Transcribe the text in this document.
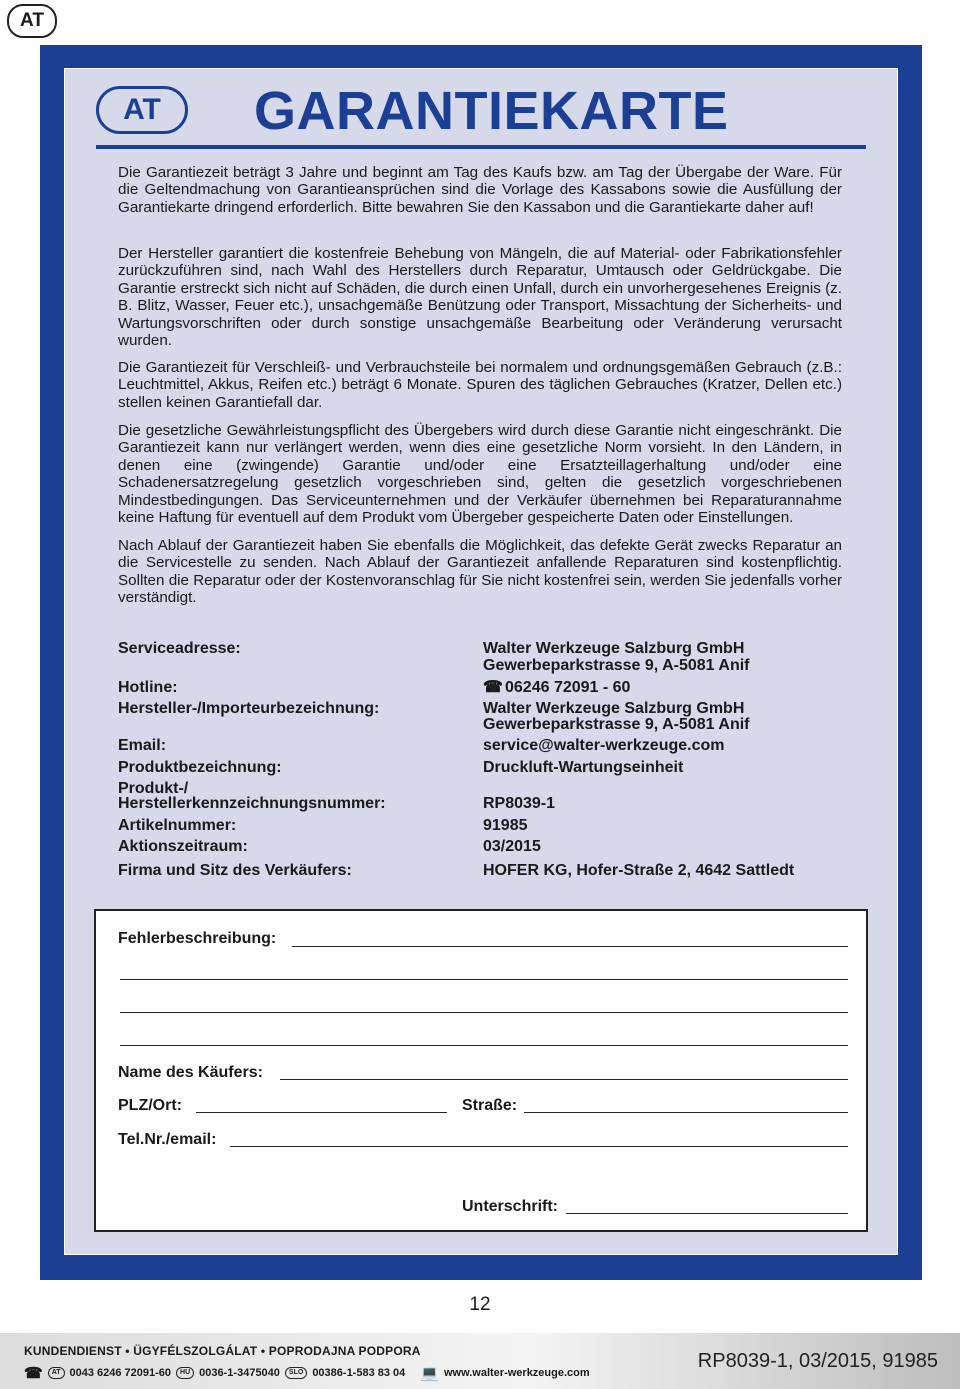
AT
AT	GARANTIEKARTE
Die Garantiezeit beträgt 3 Jahre und beginnt am Tag des Kaufs bzw. am Tag der Übergabe der Ware. Für die Geltendmachung von Garantieansprüchen sind die Vorlage des Kassabons sowie die Ausfüllung der Garantiekarte dringend erforderlich. Bitte bewahren Sie den Kassabon und die Garantiekarte daher auf!
Der Hersteller garantiert die kostenfreie Behebung von Mängeln, die auf Material- oder Fabrikationsfehler zurückzuführen sind, nach Wahl des Herstellers durch Reparatur, Umtausch oder Geldrückgabe. Die Garantie erstreckt sich nicht auf Schäden, die durch einen Unfall, durch ein unvorhergesehenes Ereignis (z. B. Blitz, Wasser, Feuer etc.), unsachgemäße Benützung oder Transport, Missachtung der Sicherheits- und Wartungsvorschriften oder durch sonstige unsachgemäße Bearbeitung oder Veränderung verursacht wurden.
Die Garantiezeit für Verschleiß- und Verbrauchsteile bei normalem und ordnungsgemäßen Gebrauch (z.B.: Leuchtmittel, Akkus, Reifen etc.) beträgt 6 Monate. Spuren des täglichen Gebrauches (Kratzer, Dellen etc.) stellen keinen Garantiefall dar.
Die gesetzliche Gewährleistungspflicht des Übergebers wird durch diese Garantie nicht eingeschränkt. Die Garantiezeit kann nur verlängert werden, wenn dies eine gesetzliche Norm vorsieht. In den Ländern, in denen eine (zwingende) Garantie und/oder eine Ersatzteillagerhaltung und/oder eine Schadenersatzregelung gesetzlich vorgeschrieben sind, gelten die gesetzlich vorgeschriebenen Mindestbedingungen. Das Serviceunternehmen und der Verkäufer übernehmen bei Reparaturannahme keine Haftung für eventuell auf dem Produkt vom Übergeber gespeicherte Daten oder Einstellungen.
Nach Ablauf der Garantiezeit haben Sie ebenfalls die Möglichkeit, das defekte Gerät zwecks Reparatur an die Servicestelle zu senden. Nach Ablauf der Garantiezeit anfallende Reparaturen sind kostenpflichtig. Sollten die Reparatur oder der Kostenvoranschlag für Sie nicht kostenfrei sein, werden Sie jedenfalls vorher verständigt.
Serviceadresse:	Walter Werkzeuge Salzburg GmbH
Gewerbeparkstrasse 9, A-5081 Anif
Hotline:	☎ 06246 72091 - 60
Hersteller-/Importeurbezeichnung:	Walter Werkzeuge Salzburg GmbH
Gewerbeparkstrasse 9, A-5081 Anif
Email:	service@walter-werkzeuge.com
Produktbezeichnung:	Druckluft-Wartungseinheit
Produkt-/
Herstellerkennzeichnungsnummer:	RP8039-1
Artikelnummer:	91985
Aktionszeitraum:	03/2015
Firma und Sitz des Verkäufers:	HOFER KG, Hofer-Straße 2, 4642 Sattledt
Fehlerbeschreibung:
Name des Käufers:
PLZ/Ort:	Straße:
Tel.Nr./email:
Unterschrift:
12
KUNDENDIENST • ÜGYFÉLSZOLGÁLAT • POPRODAJNA PODPORA
☎	AT 0043 6246 72091-60	HU 0036-1-3475040	SLO 00386-1-583 83 04 💻 www.walter-werkzeuge.com
RP8039-1, 03/2015, 91985
